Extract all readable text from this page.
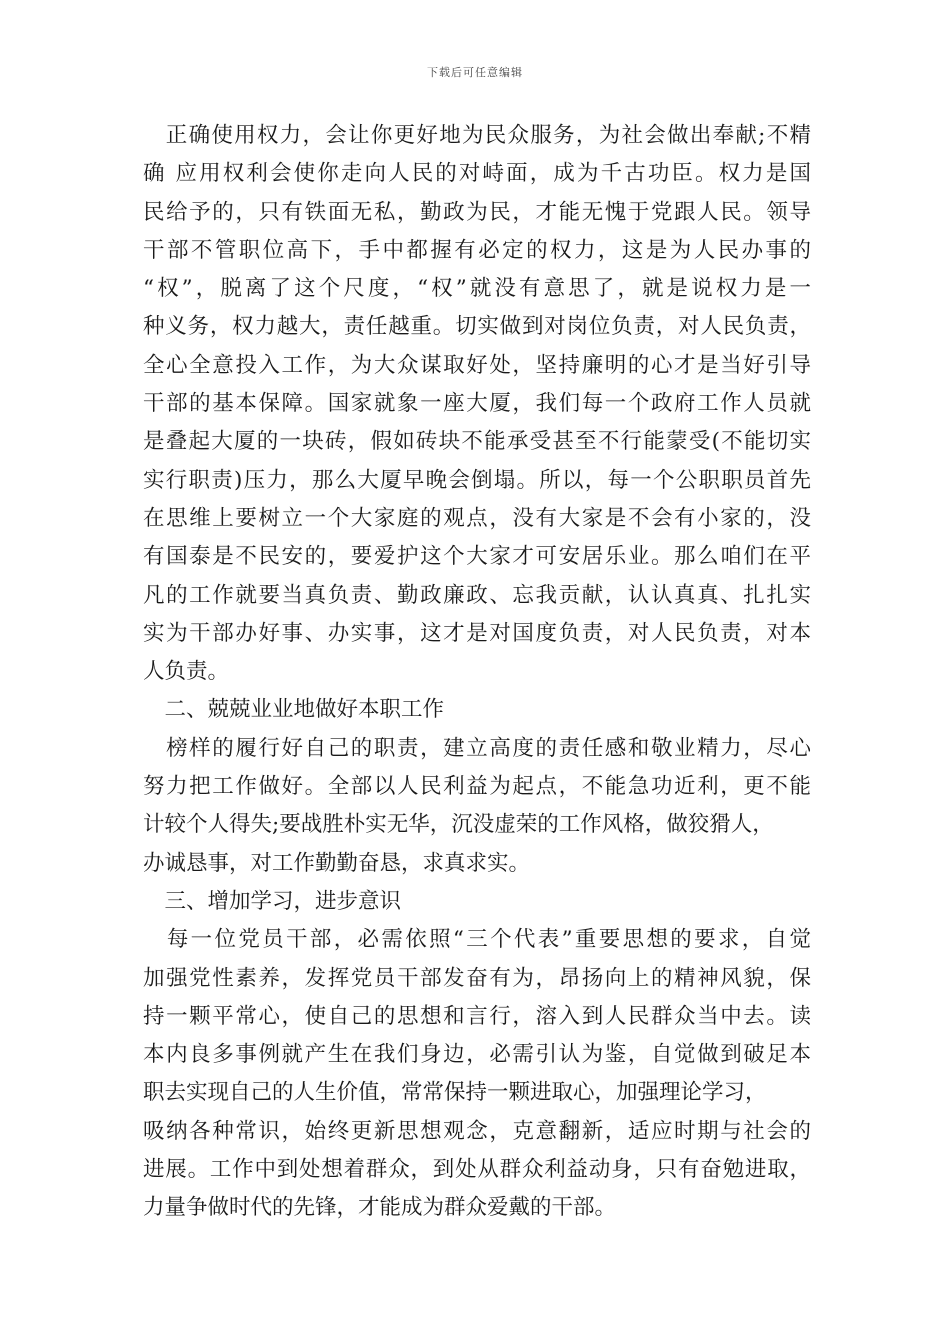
下载后可任意编辑
　正确使用权力，会让你更好地为民众服务，为社会做出奉献;不精
确 应用权利会使你走向人民的对峙面，成为千古功臣。权力是国
民给予的，只有铁面无私，勤政为民，才能无愧于党跟人民。领导
干部不管职位高下，手中都握有必定的权力，这是为人民办事的
“权”，脱离了这个尺度，“权”就没有意思了，就是说权力是一
种义务，权力越大，责任越重。切实做到对岗位负责，对人民负责，
全心全意投入工作，为大众谋取好处，坚持廉明的心才是当好引导
干部的基本保障。国家就象一座大厦，我们每一个政府工作人员就
是叠起大厦的一块砖，假如砖块不能承受甚至不行能蒙受(不能切实
实行职责)压力，那么大厦早晚会倒塌。所以，每一个公职职员首先
在思维上要树立一个大家庭的观点，没有大家是不会有小家的，没
有国泰是不民安的，要爱护这个大家才可安居乐业。那么咱们在平
凡的工作就要当真负责、勤政廉政、忘我贡献，认认真真、扎扎实
实为干部办好事、办实事，这才是对国度负责，对人民负责，对本
人负责。
　二、兢兢业业地做好本职工作
　榜样的履行好自己的职责，建立高度的责任感和敬业精力，尽心
努力把工作做好。全部以人民利益为起点，不能急功近利，更不能
计较个人得失;要战胜朴实无华，沉没虚荣的工作风格，做狡猾人，
办诚恳事，对工作勤勤奋恳，求真求实。
　三、增加学习，进步意识
　每一位党员干部，必需依照“三个代表”重要思想的要求，自觉
加强党性素养，发挥党员干部发奋有为，昂扬向上的精神风貌，保
持一颗平常心，使自己的思想和言行，溶入到人民群众当中去。读
本内良多事例就产生在我们身边，必需引认为鉴，自觉做到破足本
职去实现自己的人生价值，常常保持一颗进取心，加强理论学习，
吸纳各种常识，始终更新思想观念，克意翻新，适应时期与社会的
进展。工作中到处想着群众，到处从群众利益动身，只有奋勉进取，
力量争做时代的先锋，才能成为群众爱戴的干部。
